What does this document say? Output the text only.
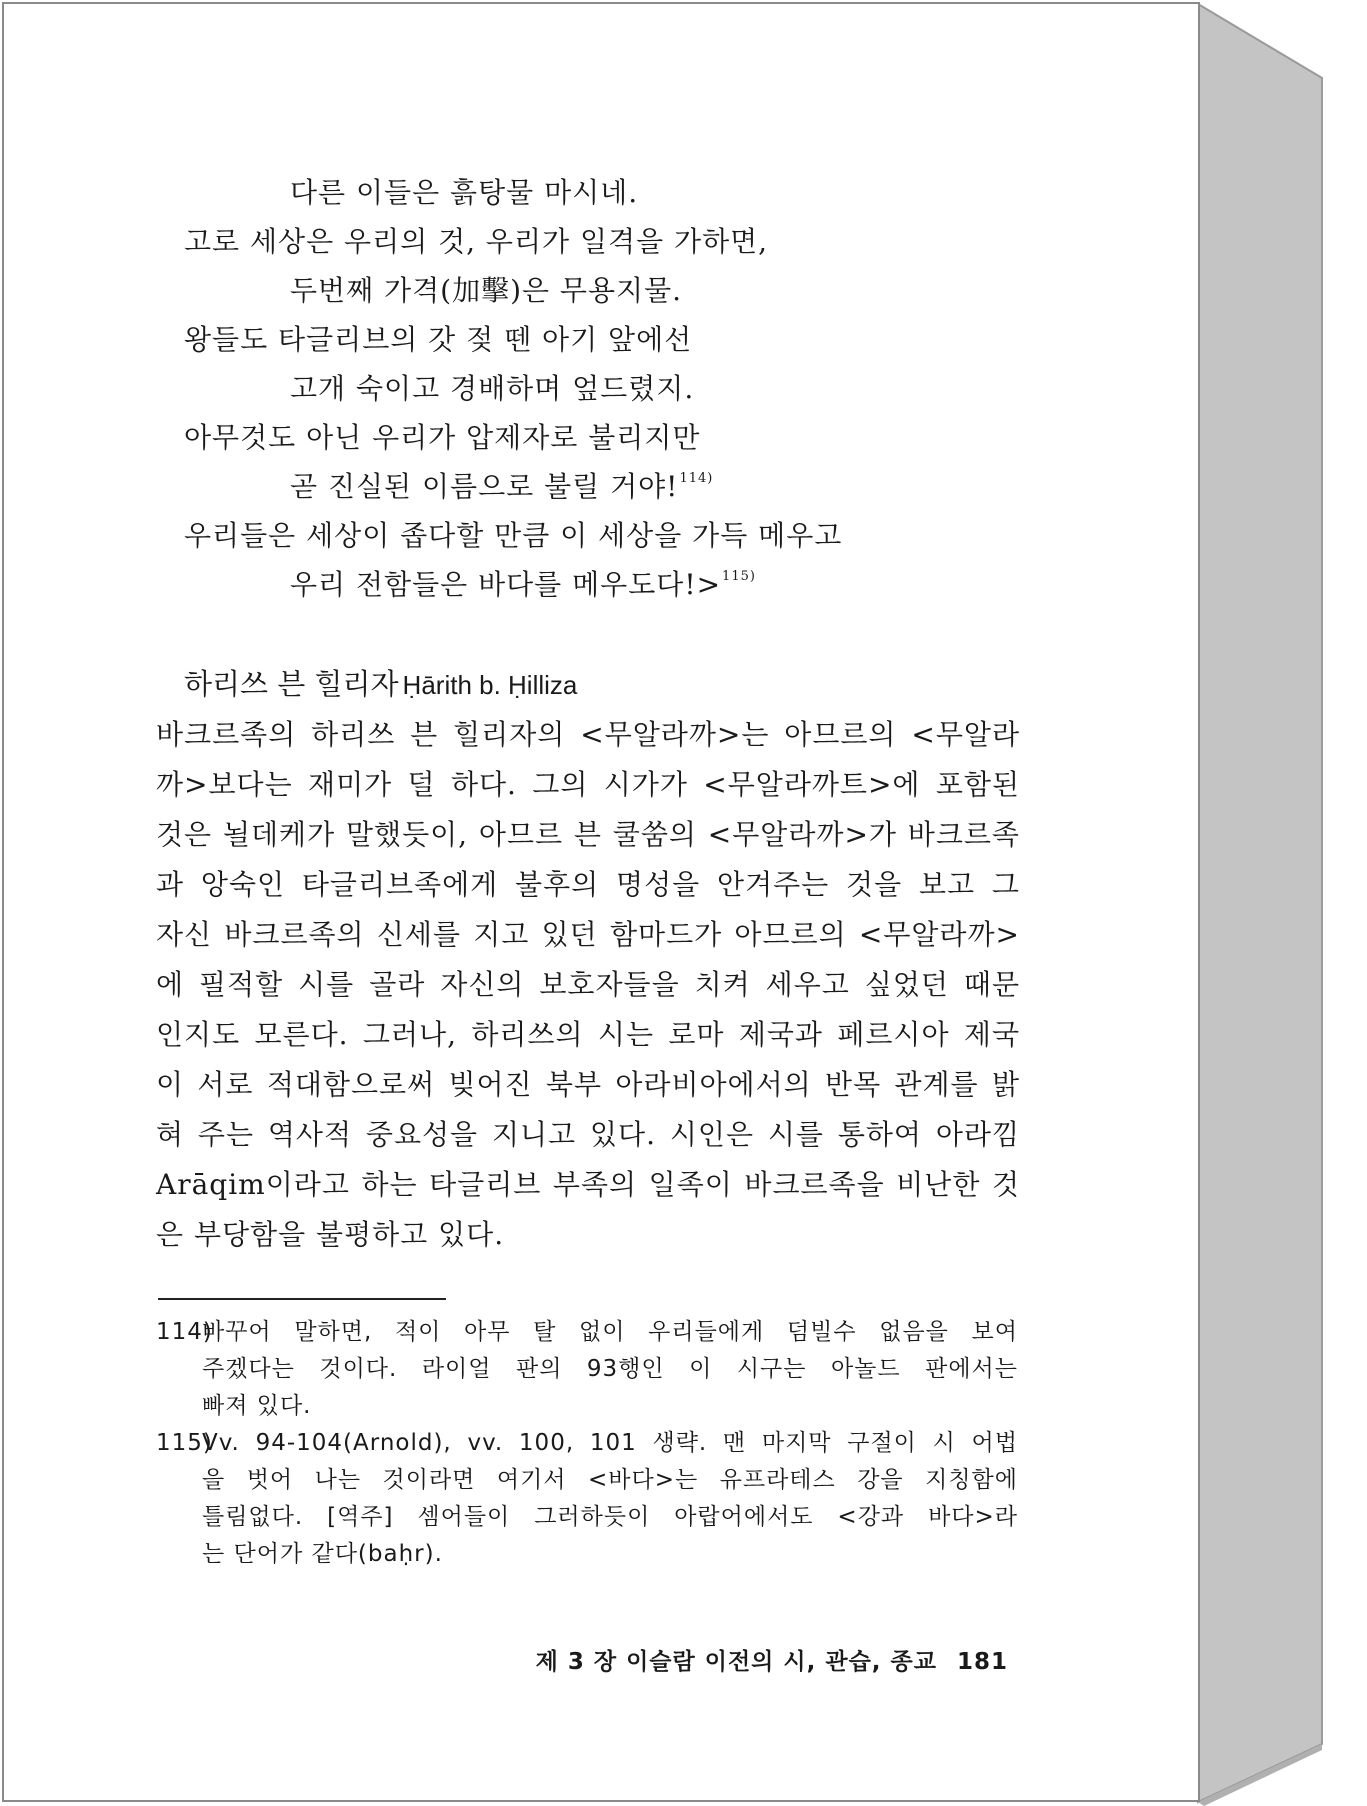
다른 이들은 흙탕물 마시네.
고로 세상은 우리의 것, 우리가 일격을 가하면,
두번째 가격(加擊)은 무용지물.
왕들도 타글리브의 갓 젖 뗀 아기 앞에선
고개 숙이고 경배하며 엎드렸지.
아무것도 아닌 우리가 압제자로 불리지만
곧 진실된 이름으로 불릴 거야!$^{114)}$
우리들은 세상이 좁다할 만큼 이 세상을 가득 메우고
우리 전함들은 바다를 메우도다!>$^{115)}$
하리쓰 븐 힐리자 Ḥārith b. Ḥilliza
바크르족의 하리쓰 븐 힐리자의 <무알라까>는 아므르의 <무알라
까>보다는 재미가 덜 하다. 그의 시가가 <무알라까트>에 포함된
것은 뇔데케가 말했듯이, 아므르 븐 쿨쑴의 <무알라까>가 바크르족
과 앙숙인 타글리브족에게 불후의 명성을 안겨주는 것을 보고 그
자신 바크르족의 신세를 지고 있던 함마드가 아므르의 <무알라까>
에 필적할 시를 골라 자신의 보호자들을 치켜 세우고 싶었던 때문
인지도 모른다. 그러나, 하리쓰의 시는 로마 제국과 페르시아 제국
이 서로 적대함으로써 빚어진 북부 아라비아에서의 반목 관계를 밝
혀 주는 역사적 중요성을 지니고 있다. 시인은 시를 통하여 아라낌
Arāqim이라고 하는 타글리브 부족의 일족이 바크르족을 비난한 것
은 부당함을 불평하고 있다.
114)
바꾸어 말하면, 적이 아무 탈 없이 우리들에게 덤빌수 없음을 보여
주겠다는 것이다. 라이얼 판의 93행인 이 시구는 아놀드 판에서는
빠져 있다.
115)
Vv. 94-104(Arnold), vv. 100, 101 생략. 맨 마지막 구절이 시 어법
을 벗어 나는 것이라면 여기서 <바다>는 유프라테스 강을 지칭함에
틀림없다. [역주] 셈어들이 그러하듯이 아랍어에서도 <강과 바다>라
는 단어가 같다(baḥr).
제 3 장 이슬람 이전의 시, 관습, 종교 181
